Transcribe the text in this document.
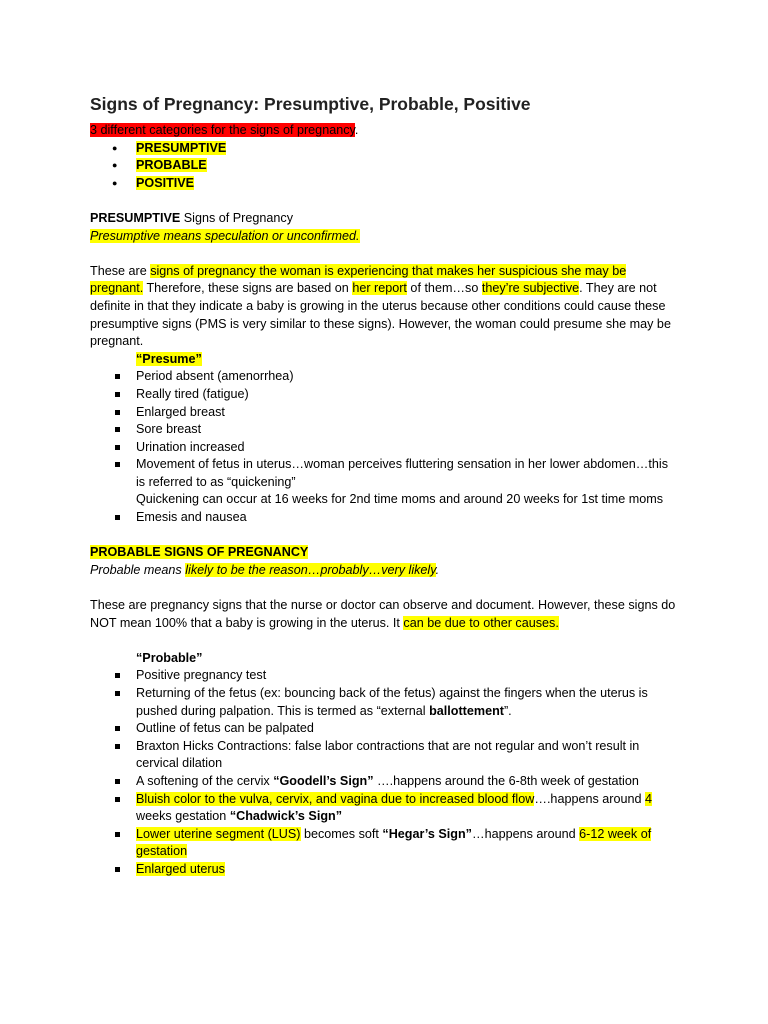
Signs of Pregnancy: Presumptive, Probable, Positive

3 different categories for the signs of pregnancy.

● PRESUMPTIVE
● PROBABLE
● POSITIVE

PRESUMPTIVE Signs of Pregnancy

Presumptive means speculation or unconfirmed.

These are signs of pregnancy the woman is experiencing that makes her suspicious she may be pregnant. Therefore, these signs are based on her report of them…so they’re subjective. They are not definite in that they indicate a baby is growing in the uterus because other conditions could cause these presumptive signs (PMS is very similar to these signs). However, the woman could presume she may be pregnant.

“Presume”

Period absent (amenorrhea)
Really tired (fatigue)
Enlarged breast
Sore breast
Urination increased
Movement of fetus in uterus…woman perceives fluttering sensation in her lower abdomen…this is referred to as “quickening”
Quickening can occur at 16 weeks for 2nd time moms and around 20 weeks for 1st time moms
Emesis and nausea

PROBABLE SIGNS OF PREGNANCY

Probable means likely to be the reason…probably…very likely.

These are pregnancy signs that the nurse or doctor can observe and document. However, these signs do NOT mean 100% that a baby is growing in the uterus. It can be due to other causes.

“Probable”

Positive pregnancy test
Returning of the fetus (ex: bouncing back of the fetus) against the fingers when the uterus is pushed during palpation. This is termed as “external ballottement”.
Outline of fetus can be palpated
Braxton Hicks Contractions: false labor contractions that are not regular and won’t result in cervical dilation
A softening of the cervix “Goodell’s Sign” ….happens around the 6-8th week of gestation
Bluish color to the vulva, cervix, and vagina due to increased blood flow….happens around 4
weeks gestation “Chadwick’s Sign”
Lower uterine segment (LUS) becomes soft “Hegar’s Sign”…happens around 6-12 week of gestation
Enlarged uterus
